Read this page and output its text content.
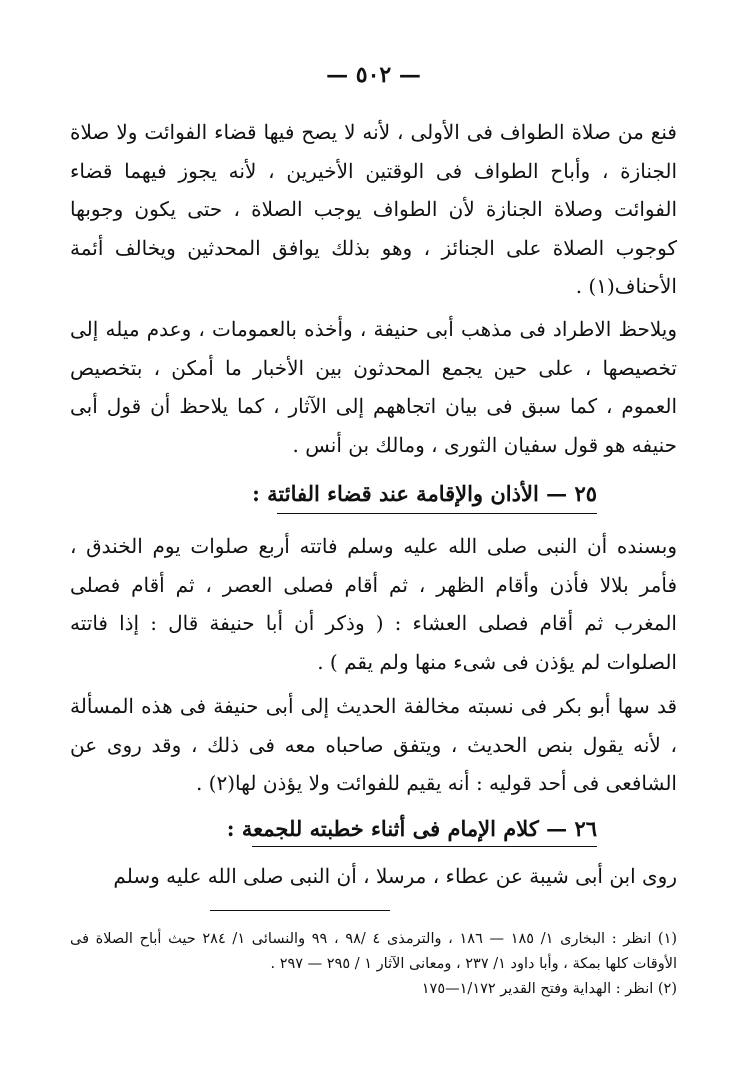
— ٥٠٢ —
فنع من صلاة الطواف فى الأولى ، لأنه لا يصح فيها قضاء الفوائت ولا صلاة الجنازة ، وأباح الطواف فى الوقتين الأخيرين ، لأنه يجوز فيهما قضاء الفوائت وصلاة الجنازة لأن الطواف يوجب الصلاة ، حتى يكون وجوبها كوجوب الصلاة على الجنائز ، وهو بذلك يوافق المحدثين ويخالف أئمة الأحناف(١) .
ويلاحظ الاطراد فى مذهب أبى حنيفة ، وأخذه بالعمومات ، وعدم ميله إلى تخصيصها ، على حين يجمع المحدثون بين الأخبار ما أمكن ، بتخصيص العموم ، كما سبق فى بيان اتجاههم إلى الآثار ، كما يلاحظ أن قول أبى حنيفه هو قول سفيان الثورى ، ومالك بن أنس .
٢٥ — الأذان والإقامة عند قضاء الفائتة :
وبسنده أن النبى صلى الله عليه وسلم فاتته أربع صلوات يوم الخندق ، فأمر بلالا فأذن وأقام الظهر ، ثم أقام فصلى العصر ، ثم أقام فصلى المغرب ثم أقام فصلى العشاء : ( وذكر أن أبا حنيفة قال : إذا فاتته الصلوات لم يؤذن فى شىء منها ولم يقم ) .
قد سها أبو بكر فى نسبته مخالفة الحديث إلى أبى حنيفة فى هذه المسألة ، لأنه يقول بنص الحديث ، ويتفق صاحباه معه فى ذلك ، وقد روى عن الشافعى فى أحد قوليه : أنه يقيم للفوائت ولا يؤذن لها(٢) .
٢٦ — كلام الإمام فى أثناء خطبته للجمعة :
روى ابن أبى شيبة عن عطاء ، مرسلا ، أن النبى صلى الله عليه وسلم
(١) انظر : البخارى ١/ ١٨٥ — ١٨٦ ، والترمذى ٤ /٩٨ ، ٩٩ والنسائى ١/ ٢٨٤ حيث أباح الصلاة فى الأوقات كلها بمكة ، وأبا داود ١/ ٢٣٧ ، ومعانى الآثار ١ / ٢٩٥ — ٢٩٧ .
(٢) انظر : الهداية وفتح القدير ١/١٧٢—١٧٥
